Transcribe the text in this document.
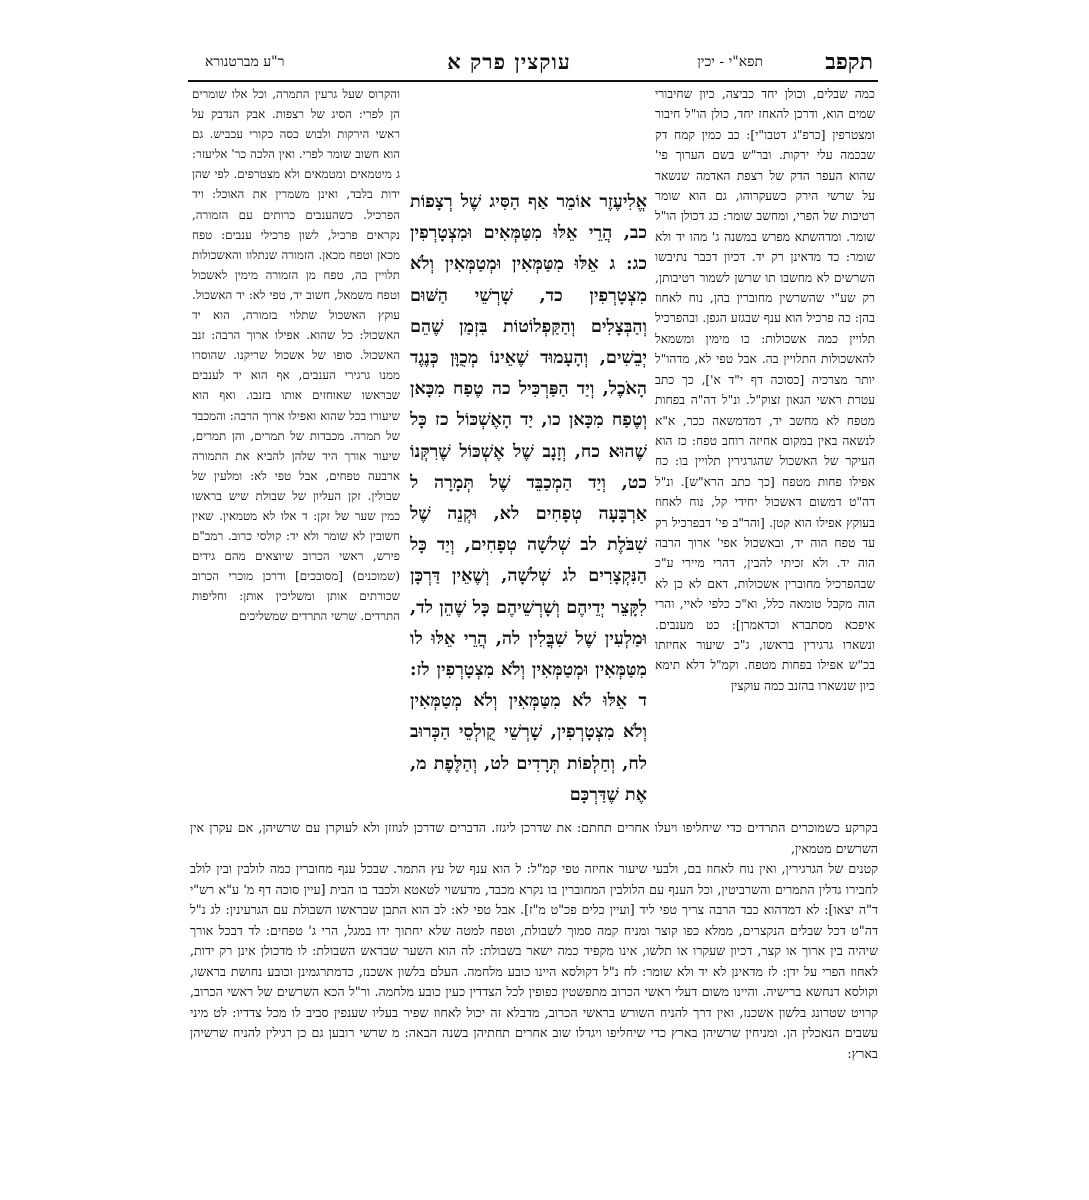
תקפב
תפא"י - יכין
עוקצין פרק א
ר"ע מברטנורא

כמה שבלים, וכולן יחד כביצה, כיון שחיבורי שמים הוא, ודרכן להאחז יחד, כולן הו"ל חיבור ומצטרפין [כרפ"ג דטבו"י]: כב כמין קמח דק שבכמה עלי ירקות. ובר"ש בשם הערוך פי' שהוא העפר הדק של רצפת האדמה שנשאר על שרשי הירק כשעקרוהו, גם הוא שומר רטיבות של הפרי, ומחשב שומר: כג דכולן הו"ל שומר. ומדהשתא מפרש במשנה ג' מהו יד ולא שומר: כד מדאינן רק יד. דכיון דכבר נתיבשו השרשים לא מחשבו תו שרשן לשמור רטיבותן, רק שע"י שהשרשין מחוברין בהן, נוח לאחוז בהן: כה פרכיל הוא ענף שבגזע הגפן. ובהפרכיל תלויין כמה אשכולות: כו מימין ומשמאל להאשכולות התלויין בה. אבל טפי לא, מדהו"ל יותר מצרכיה [כסוכה דף י"ד א'], כך כתב עטרת ראשי הגאון זצוק"ל. ונ"ל דה"ה בפחות מטפח לא מחשב יד, דמדמשאה ככר, א"א לנשאה באין במקום אחיזה רוחב טפח: כז הוא העיקר של האשכול שהגרגירין תלויין בו: כח אפילו פחות מטפח [כך כתב הרא"ש]. ונ"ל דה"ט דמשום דאשכול יחידי קל, נוח לאחוז בעוקץ אפילו הוא קטן. [והר"ב פי' דבפרכיל רק עד טפח הוה יד, ובאשכול אפי' ארוך הרבה הוה יד. ולא זכיתי להבין, דהרי מיירי ע"כ שבהפרכיל מחוברין אשכולות, דאם לא כן לא הוה מקבל טומאה כלל, וא"כ כלפי לאיי, והרי איפכא מסתברא וכדאמרן]: כט מענבים. ונשארו גרגירין בראשו, ג"כ שיעור אחיזתו בכ"ש אפילו בפחות מטפח. וקמ"ל דלא תימא כיון שנשארו בהזנב כמה עוקצין

אֱלִיעֶזֶר אוֹמֵר אַף הַסִּיג שֶׁל רְצָפוֹת כב, הֲרֵי אֵלּוּ מִטַּמְּאִים וּמִצְטָרְפִין כג: ג אֵלּוּ מִטַּמְּאִין וּמְטַמְּאִין וְלֹא מִצְטָרְפִין כד, שָׁרְשֵׁי הַשּׁוּם וְהַבְּצָלִים וְהַקַּפְלוֹטוֹת בִּזְמַן שֶׁהֵם יְבֵשִׁים, וְהָעָמוּד שֶׁאֵינוֹ מְכֻוָּן כְּנֶגֶד הָאֹכֶל, וְיַד הַפַּרְכִּיל כה טֶפַח מִכָּאן וְטֶפַח מִכָּאן כו, יַד הָאֶשְׁכּוֹל כז כָּל שֶׁהוּא כח, וְזָנָב שֶׁל אֶשְׁכּוֹל שֶׁרִקְּנוֹ כט, וְיַד הַמְכַבֵּד שֶׁל תְּמָרָה ל אַרְבָּעָה טְפָחִים לא, וּקְנֵה שֶׁל שִׁבֹּלֶת לב שְׁלשָׁה טְפָחִים, וְיַד כָּל הַנִּקְצָרִים לג שְׁלשָׁה, וְשֶׁאֵין דַּרְכָּן לִקָּצֵר יְדֵיהֶם וְשָׁרְשֵׁיהֶם כָּל שֶׁהֵן לד, וּמַלְעִין שֶׁל שִׁבֳּלִין לה, הֲרֵי אֵלּוּ לו מִטַּמְּאִין וּמְטַמְּאִין וְלֹא מִצְטָרְפִין לז: ד אֵלּוּ לֹא מִטַּמְּאִין וְלֹא מְטַמְּאִין וְלֹא מִצְטָרְפִין, שָׁרְשֵׁי קֻולְסֵי הַכְּרוּב לח, וְחַלְפוֹת תְּרָדִים לט, וְהַלֶּפֶת מ, אֶת שֶׁדַּרְכָּם

והקרוס שעל גרעין התמרה, וכל אלו שומרים הן לפרי: הסיג של רצפות. אבק הנדבק על ראשי הירקות ולבוש כסה כקורי עכביש. גם הוא חשוב שומר לפרי. ואין הלכה כר' אליעזר: ג מיטמאים ומטמאים ולא מצטרפים. לפי שהן ידות בלבד, ואינן משמרין את האוכל: ויד הפרכיל. כשהענבים כרותים עם הזמורה, נקראים פרכיל, לשון פרכילי ענבים: טפח מכאן וטפח מכאן. הזמורה שנתלוו והאשכולות תלויין בה, טפח מן הזמורה מימין לאשכול וטפח משמאל, חשוב יד, טפי לא: יד האשכול. עוקץ האשכול שתלוי בזמורה, הוא יד האשכול: כל שהוא. אפילו ארוך הרבה: זנב האשכול. סופו של אשכול שריקנו. שהוסרו ממנו גרגירי הענבים, אף הוא יד לענבים שבראשו שאוחזים אותו בזנבו. ואף הוא שיעורו בכל שהוא ואפילו ארוך הרבה: והמכבד של תמרה. מכבדות של תמרים, והן תמרים, שיעור אורך היד שלהן להביא את התמורה ארבעה טפחים, אבל טפי לא: ומלעין של שבולין. זקן העליון של שבולת שיש בראשו כמין שער של זקן: ד אלו לא מטמאין. שאין חשובין לא שומר ולא יד: קולסי כרוב. רמב"ם פירש, ראשי הכרוב שיוצאים מהם גידים (שמוכנים) [מסובכים] ודרכן מוכרי הכרוב שכורתים אותן ומשליכין אותן: וחליפות התרדים. שרשי התרדים שמשליכים

בקרקע כשמוכרים התרדים כדי שיחליפו ויעלו אחרים תחתם: את שדרכן ליגזז. הדברים שדרכן לגוזזן ולא לעוקרן עם שרשיהן, אם עקרן אין השרשים מטמאין,

קטנים של הגרגירין, ואין נוח לאחוז בם, ולבעי שיעור אחיזה טפי קמ"ל: ל הוא ענף של עץ התמר. שבכל ענף מחוברין כמה לולבין ובין לולב לחבירו גדלין התמרים והשרביטין, וכל הענף עם הלולבין המחוברין בו נקרא מכבד, מדעשוי לטאטא ולכבד בו הבית [עיין סוכה דף מ' ע"א רש"י ד"ה יצאו]: לא דמדהוא כבד הרבה צריך טפי ליד [ועיין כלים פכ"ט מ"ז]. אבל טפי לא: לב הוא התבן שבראשו השבולת עם הגרעינין: לג נ"ל דה"ט דכל שבלים הנקצרים, ממלא כפו קוצר ומניח קמה סמוך לשבולת, וטפח למטה שלא יחתוך ידו במגל, הרי ג' טפחים: לד דבכל אורך שיהיה בין ארוך או קצר, דכיון שעקרו או תלשו, אינו מקפיד כמה ישאר בשבולת: לה הוא השער שבראש השבולת: לו מדכולן אינן רק ידות, לאחוז הפרי על ידן: לז מדאינן לא יד ולא שומר: לח נ"ל דקולסא היינו כובע מלחמה. העלם בלשון אשכנז, כדמתרגמינן וכובע נחושת בראשו, וקולסא דנחשא ברישיה. והיינו משום דעלי ראשי הכרוב מתפשטין כפופין לכל הצדדין כעין כובע מלחמה. ור"ל הכא השרשים של ראשי הכרוב, קרויט שטרונג בלשון אשכנז, ואין דרך להניח השורש בראשי הכרוב, מדבלא זה יכול לאחוז שפיר בעליו שענפין סביב לו מכל צדדיו: לט מיני עשבים הנאכלין הן. ומניחין שרשיהן בארץ כדי שיחליפו ויגדלו שוב אחרים תחתיהן בשנה הבאה: מ שרשי רובען גם כן רגילין להניח שרשיהן בארץ:
